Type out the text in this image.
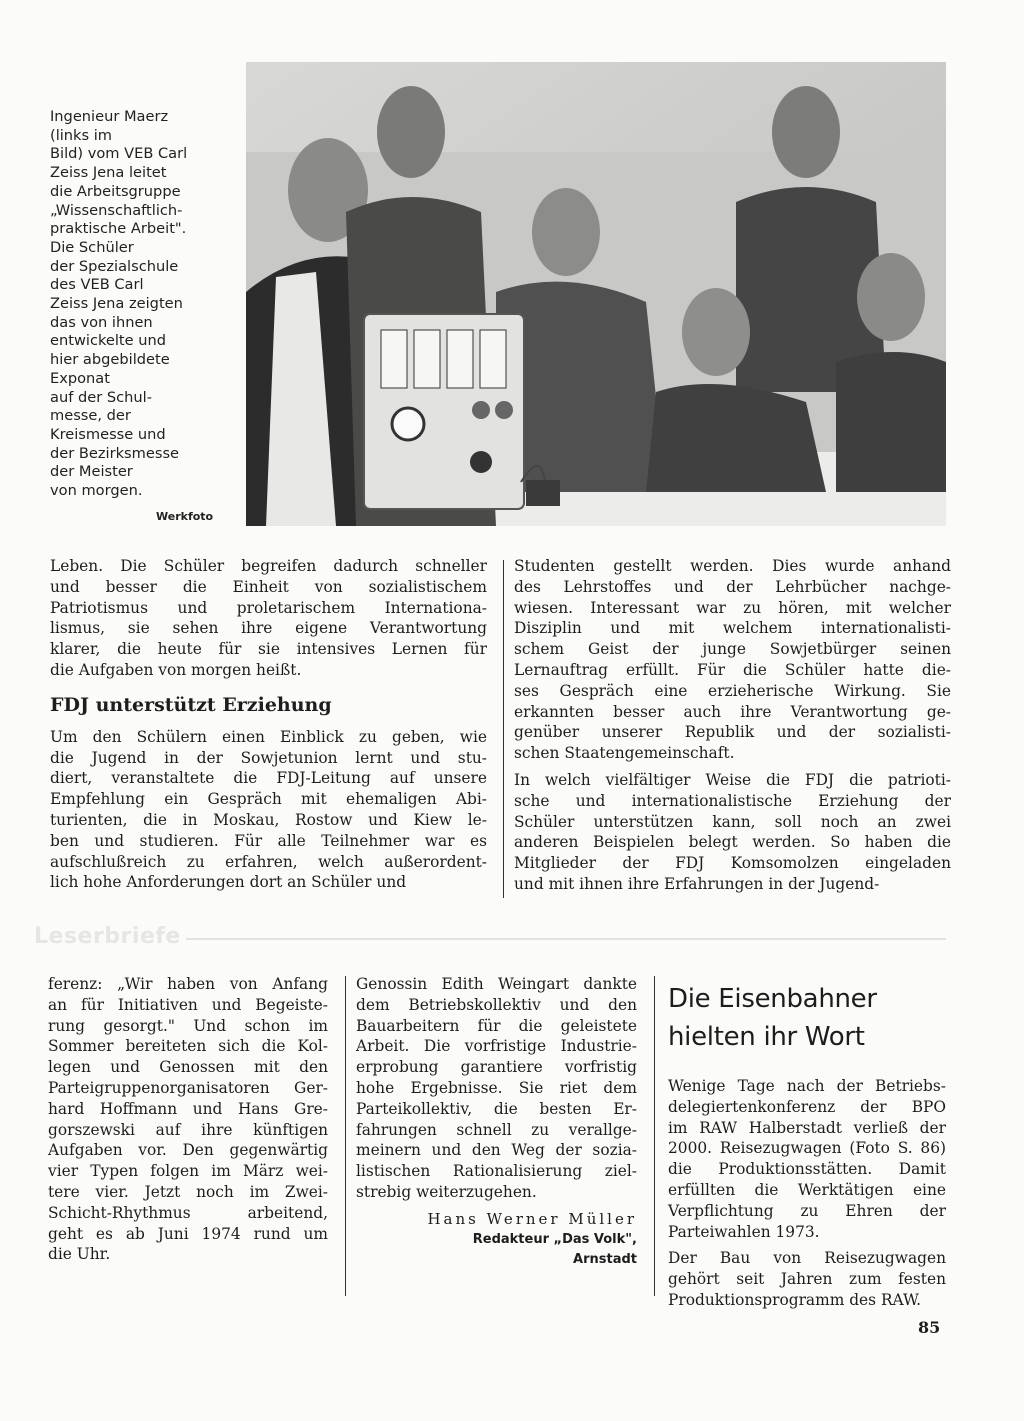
Ingenieur Maerz
(links im
Bild) vom VEB Carl
Zeiss Jena leitet
die Arbeitsgruppe
„Wissenschaftlich-
praktische Arbeit".
Die Schüler
der Spezialschule
des VEB Carl
Zeiss Jena zeigten
das von ihnen
entwickelte und
hier abgebildete
Exponat
auf der Schul-
messe, der
Kreismesse und
der Bezirksmesse
der Meister
von morgen.
Werkfoto

Leben. Die Schüler begreifen dadurch schneller
und besser die Einheit von sozialistischem
Patriotismus und proletarischem Internationa-
lismus, sie sehen ihre eigene Verantwortung
klarer, die heute für sie intensives Lernen für
die Aufgaben von morgen heißt.

FDJ unterstützt Erziehung

Um den Schülern einen Einblick zu geben, wie
die Jugend in der Sowjetunion lernt und stu-
diert, veranstaltete die FDJ-Leitung auf unsere
Empfehlung ein Gespräch mit ehemaligen Abi-
turienten, die in Moskau, Rostow und Kiew le-
ben und studieren. Für alle Teilnehmer war es
aufschlußreich zu erfahren, welch außerordent-
lich hohe Anforderungen dort an Schüler und

Studenten gestellt werden. Dies wurde anhand
des Lehrstoffes und der Lehrbücher nachge-
wiesen. Interessant war zu hören, mit welcher
Disziplin und mit welchem internationalisti-
schem Geist der junge Sowjetbürger seinen
Lernauftrag erfüllt. Für die Schüler hatte die-
ses Gespräch eine erzieherische Wirkung. Sie
erkannten besser auch ihre Verantwortung ge-
genüber unserer Republik und der sozialisti-
schen Staatengemeinschaft.

In welch vielfältiger Weise die FDJ die patrioti-
sche und internationalistische Erziehung der
Schüler unterstützen kann, soll noch an zwei
anderen Beispielen belegt werden. So haben die
Mitglieder der FDJ Komsomolzen eingeladen
und mit ihnen ihre Erfahrungen in der Jugend-

Leserbriefe

ferenz: „Wir haben von Anfang
an für Initiativen und Begeiste-
rung gesorgt." Und schon im
Sommer bereiteten sich die Kol-
legen und Genossen mit den
Parteigruppenorganisatoren Ger-
hard Hoffmann und Hans Gre-
gorszewski auf ihre künftigen
Aufgaben vor. Den gegenwärtig
vier Typen folgen im März wei-
tere vier. Jetzt noch im Zwei-
Schicht-Rhythmus arbeitend,
geht es ab Juni 1974 rund um
die Uhr.

Genossin Edith Weingart dankte
dem Betriebskollektiv und den
Bauarbeitern für die geleistete
Arbeit. Die vorfristige Industrie-
erprobung garantiere vorfristig
hohe Ergebnisse. Sie riet dem
Parteikollektiv, die besten Er-
fahrungen schnell zu verallge-
meinern und den Weg der sozia-
listischen Rationalisierung ziel-
strebig weiterzugehen.

Hans Werner Müller
Redakteur „Das Volk",
Arnstadt
Die Eisenbahner
hielten ihr Wort

Wenige Tage nach der Betriebs-
delegiertenkonferenz der BPO
im RAW Halberstadt verließ der
2000. Reisezugwagen (Foto S. 86)
die Produktionsstätten. Damit
erfüllten die Werktätigen eine
Verpflichtung zu Ehren der
Parteiwahlen 1973.

Der Bau von Reisezugwagen
gehört seit Jahren zum festen
Produktionsprogramm des RAW.

85
